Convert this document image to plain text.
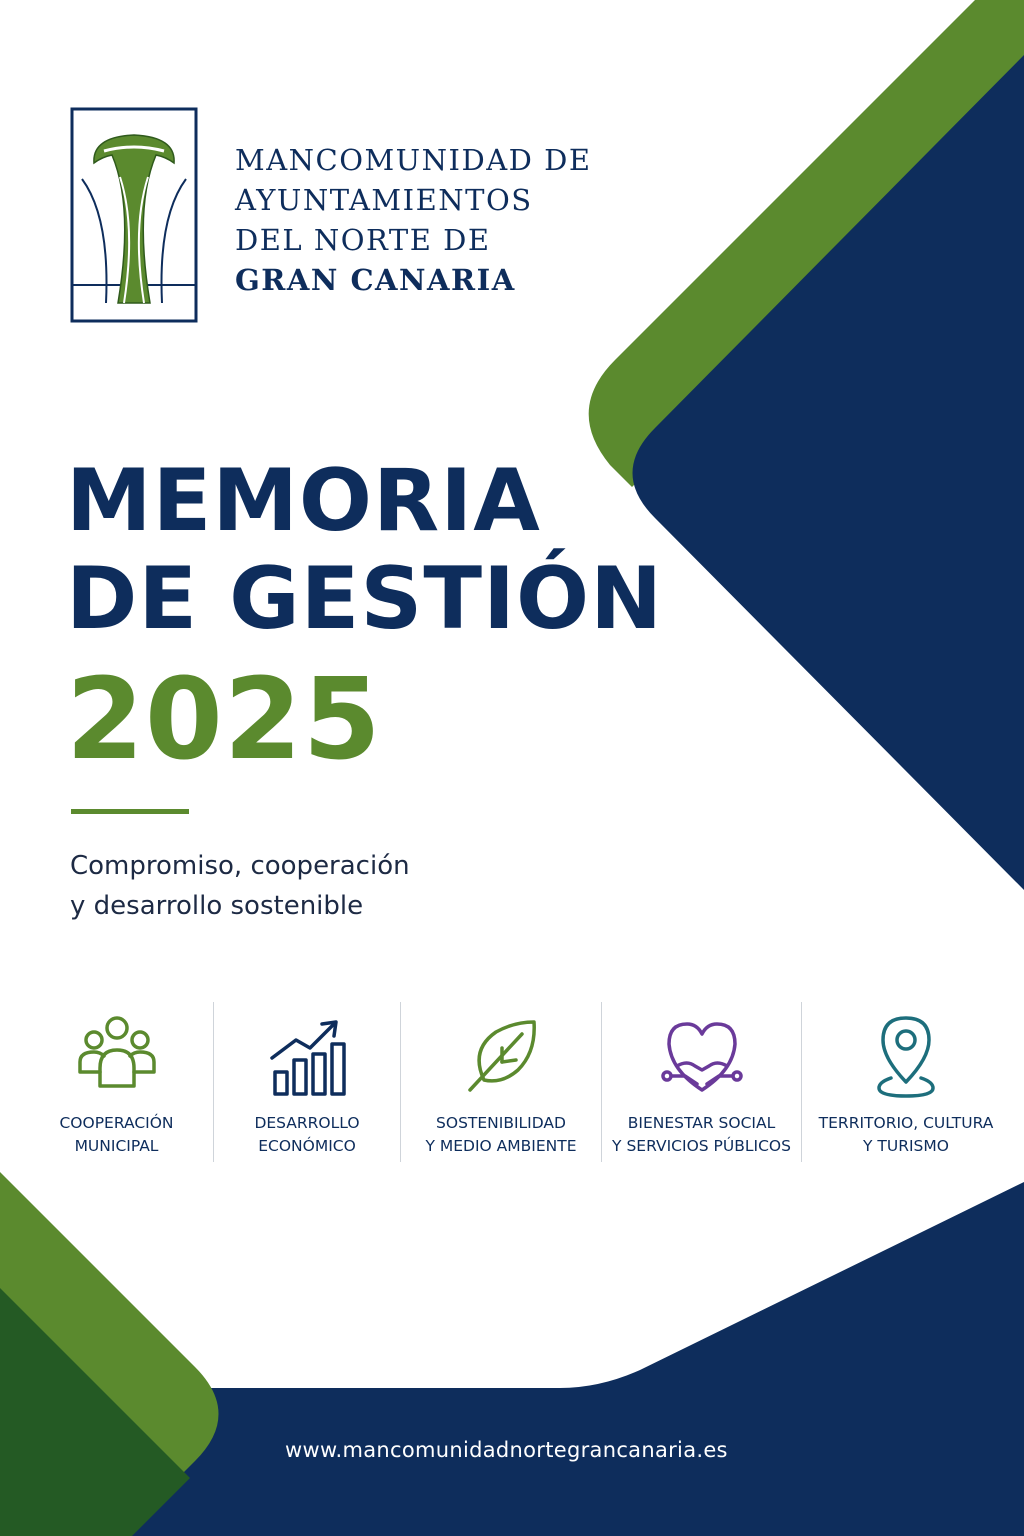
MANCOMUNIDAD DE
AYUNTAMIENTOS
DEL NORTE DE
GRAN CANARIA
MEMORIA
DE GESTIÓN
2025
Compromiso, cooperación
y desarrollo sostenible
COOPERACIÓN
MUNICIPAL
DESARROLLO
ECONÓMICO
SOSTENIBILIDAD
Y MEDIO AMBIENTE
BIENESTAR SOCIAL
Y SERVICIOS PÚBLICOS
TERRITORIO, CULTURA
Y TURISMO
www.mancomunidadnortegrancanaria.es
